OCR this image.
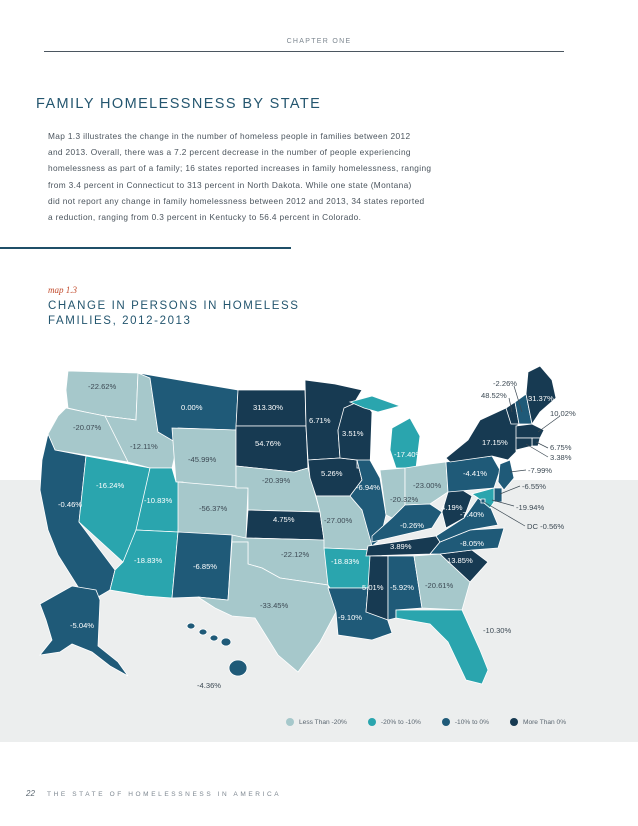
CHAPTER ONE
FAMILY HOMELESSNESS BY STATE
Map 1.3 illustrates the change in the number of homeless people in families between 2012
and 2013. Overall, there was a 7.2 percent decrease in the number of people experiencing
homelessness as part of a family; 16 states reported increases in family homelessness, ranging
from 3.4 percent in Connecticut to 313 percent in North Dakota. While one state (Montana)
did not report any change in family homelessness between 2012 and 2013, 34 states reported
a reduction, ranging from 0.3 percent in Kentucky to 56.4 percent in Colorado.
map 1.3
CHANGE IN PERSONS IN HOMELESS
FAMILIES, 2012-2013
-22.62%
-20.07%
-0.46%
-16.24%
-12.11%
0.00%
-45.99%
-10.83%
-56.37%
-18.83%
-6.85%
313.30%
54.76%
-20.39%
4.75%
-22.12%
-33.45%
6.71%
5.26%
-27.00%
-18.83%
-9.10%
3.51%
-6.94%
-17.40%
-20.32%
-23.00%
-0.26%
3.89%
5.01% -5.92% -20.61%
-10.30%
13.85%
-8.05%
-7.40%
4.19%
-4.41%
17.15%
48.52%
-2.26%
31.37%
10.02%
6.75%
3.38%
-7.99%
-6.55%
-19.94%
DC -0.56%
-5.04%
-4.36%
Less Than -20%	-20% to -10%	-10% to 0%	More Than 0%
22 THE STATE OF HOMELESSNESS IN AMERICA
